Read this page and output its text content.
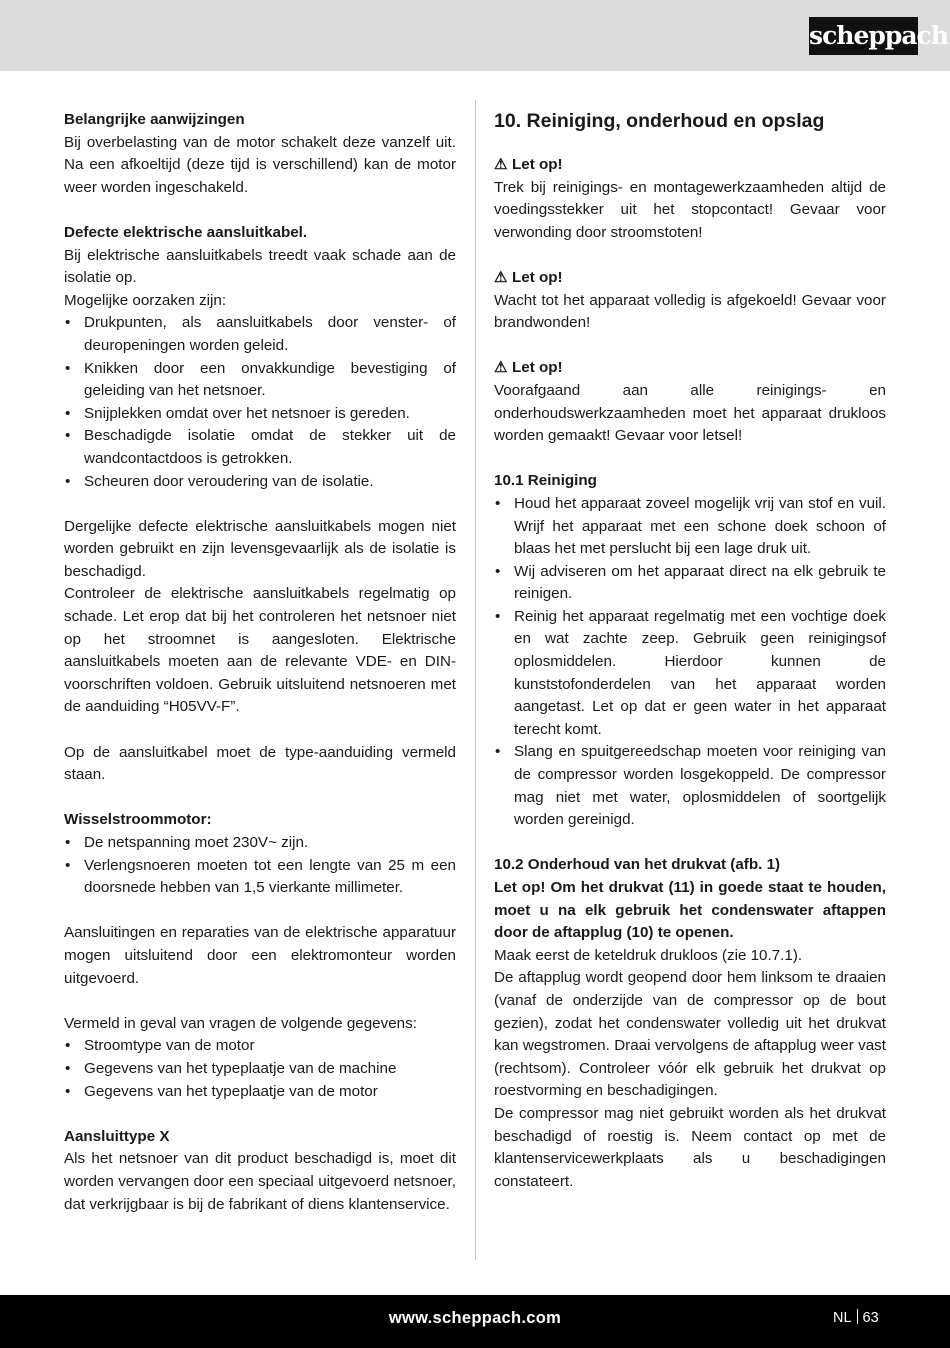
scheppach

Belangrijke aanwijzingen

Bij overbelasting van de motor schakelt deze vanzelf uit. Na een afkoeltijd (deze tijd is verschillend) kan de motor weer worden ingeschakeld.

Defecte elektrische aansluitkabel.

Bij elektrische aansluitkabels treedt vaak schade aan de isolatie op.

Mogelijke oorzaken zijn:

• Drukpunten, als aansluitkabels door venster- of deuropeningen worden geleid.
• Knikken door een onvakkundige bevestiging of geleiding van het netsnoer.
• Snijplekken omdat over het netsnoer is gereden.
• Beschadigde isolatie omdat de stekker uit de wandcontactdoos is getrokken.
• Scheuren door veroudering van de isolatie.

Dergelijke defecte elektrische aansluitkabels mogen niet worden gebruikt en zijn levensgevaarlijk als de isolatie is beschadigd.

Controleer de elektrische aansluitkabels regelmatig op schade. Let erop dat bij het controleren het netsnoer niet op het stroomnet is aangesloten. Elektrische aansluitkabels moeten aan de relevante VDE- en DIN-voorschriften voldoen. Gebruik uitsluitend netsnoeren met de aanduiding “H05VV-F”.

Op de aansluitkabel moet de type-aanduiding vermeld staan.

Wisselstroommotor:

• De netspanning moet 230V~ zijn.
• Verlengsnoeren moeten tot een lengte van 25 m een doorsnede hebben van 1,5 vierkante millimeter.

Aansluitingen en reparaties van de elektrische apparatuur mogen uitsluitend door een elektromonteur worden uitgevoerd.

Vermeld in geval van vragen de volgende gegevens:

• Stroomtype van de motor
• Gegevens van het typeplaatje van de machine
• Gegevens van het typeplaatje van de motor

Aansluittype X

Als het netsnoer van dit product beschadigd is, moet dit worden vervangen door een speciaal uitgevoerd netsnoer, dat verkrijgbaar is bij de fabrikant of diens klantenservice.

10. Reiniging, onderhoud en opslag

⚠ Let op!

Trek bij reinigings- en montagewerkzaamheden altijd de voedingsstekker uit het stopcontact! Gevaar voor verwonding door stroomstoten!

⚠ Let op!

Wacht tot het apparaat volledig is afgekoeld! Gevaar voor brandwonden!

⚠ Let op!

Voorafgaand aan alle reinigings- en onderhoudswerkzaamheden moet het apparaat drukloos worden gemaakt! Gevaar voor letsel!

10.1 Reiniging

• Houd het apparaat zoveel mogelijk vrij van stof en vuil. Wrijf het apparaat met een schone doek schoon of blaas het met perslucht bij een lage druk uit.
• Wij adviseren om het apparaat direct na elk gebruik te reinigen.
• Reinig het apparaat regelmatig met een vochtige doek en wat zachte zeep. Gebruik geen reinigingsof oplosmiddelen. Hierdoor kunnen de kunststofonderdelen van het apparaat worden aangetast. Let op dat er geen water in het apparaat terecht komt.
• Slang en spuitgereedschap moeten voor reiniging van de compressor worden losgekoppeld. De compressor mag niet met water, oplosmiddelen of soortgelijk worden gereinigd.

10.2 Onderhoud van het drukvat (afb. 1)

Let op! Om het drukvat (11) in goede staat te houden, moet u na elk gebruik het condenswater aftappen door de aftapplug (10) te openen.

Maak eerst de keteldruk drukloos (zie 10.7.1).

De aftapplug wordt geopend door hem linksom te draaien (vanaf de onderzijde van de compressor op de bout gezien), zodat het condenswater volledig uit het drukvat kan wegstromen. Draai vervolgens de aftapplug weer vast (rechtsom). Controleer vóór elk gebruik het drukvat op roestvorming en beschadigingen.

De compressor mag niet gebruikt worden als het drukvat beschadigd of roestig is. Neem contact op met de klantenservicewerkplaats als u beschadigingen constateert.

www.scheppach.com	NL 63
